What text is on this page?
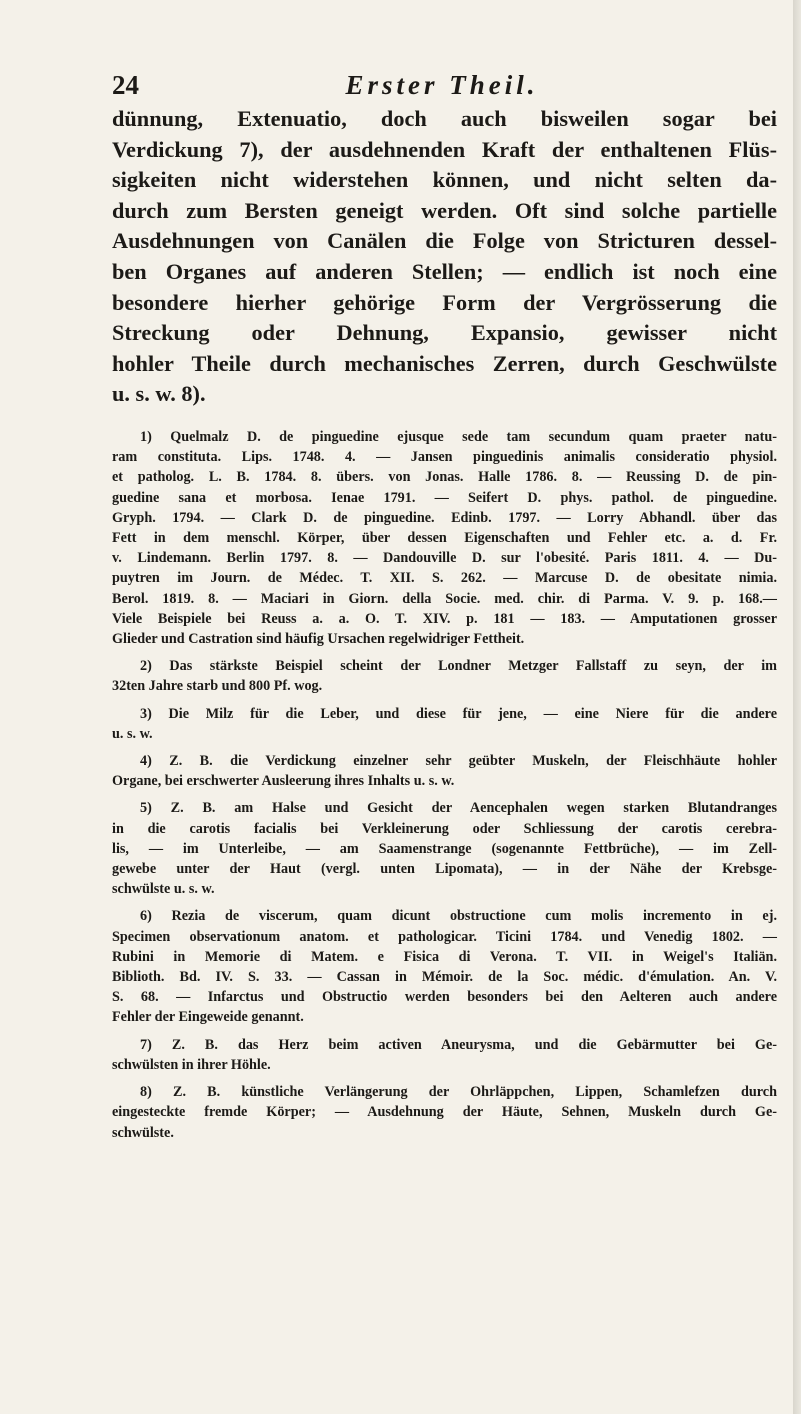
24	Erster Theil.
dünnung, Extenuatio, doch auch bisweilen sogar bei
Verdickung 7), der ausdehnenden Kraft der enthaltenen Flüs-
sigkeiten nicht widerstehen können, und nicht selten da-
durch zum Bersten geneigt werden. Oft sind solche partielle
Ausdehnungen von Canälen die Folge von Stricturen dessel-
ben Organes auf anderen Stellen; — endlich ist noch eine
besondere hierher gehörige Form der Vergrösserung die
Streckung oder Dehnung, Expansio, gewisser nicht
hohler Theile durch mechanisches Zerren, durch Geschwülste
u. s. w. 8).
1) Quelmalz D. de pinguedine ejusque sede tam secundum quam praeter natu-
ram constituta. Lips. 1748. 4. — Jansen pinguedinis animalis consideratio physiol.
et patholog. L. B. 1784. 8. übers. von Jonas. Halle 1786. 8. — Reussing D. de pin-
guedine sana et morbosa. Ienae 1791. — Seifert D. phys. pathol. de pinguedine.
Gryph. 1794. — Clark D. de pinguedine. Edinb. 1797. — Lorry Abhandl. über das
Fett in dem menschl. Körper, über dessen Eigenschaften und Fehler etc. a. d. Fr.
v. Lindemann. Berlin 1797. 8. — Dandouville D. sur l'obesité. Paris 1811. 4. — Du-
puytren im Journ. de Médec. T. XII. S. 262. — Marcuse D. de obesitate nimia.
Berol. 1819. 8. — Maciari in Giorn. della Socie. med. chir. di Parma. V. 9. p. 168.—
Viele Beispiele bei Reuss a. a. O. T. XIV. p. 181 — 183. — Amputationen grosser
Glieder und Castration sind häufig Ursachen regelwidriger Fettheit.
2) Das stärkste Beispiel scheint der Londner Metzger Fallstaff zu seyn, der im
32ten Jahre starb und 800 Pf. wog.
3) Die Milz für die Leber, und diese für jene, — eine Niere für die andere
u. s. w.
4) Z. B. die Verdickung einzelner sehr geübter Muskeln, der Fleischhäute hohler
Organe, bei erschwerter Ausleerung ihres Inhalts u. s. w.
5) Z. B. am Halse und Gesicht der Aencephalen wegen starken Blutandranges
in die carotis facialis bei Verkleinerung oder Schliessung der carotis cerebra-
lis, — im Unterleibe, — am Saamenstrange (sogenannte Fettbrüche), — im Zell-
gewebe unter der Haut (vergl. unten Lipomata), — in der Nähe der Krebsge-
schwülste u. s. w.
6) Rezia de viscerum, quam dicunt obstructione cum molis incremento in ej.
Specimen observationum anatom. et pathologicar. Ticini 1784. und Venedig 1802. —
Rubini in Memorie di Matem. e Fisica di Verona. T. VII. in Weigel's Italiän.
Biblioth. Bd. IV. S. 33. — Cassan in Mémoir. de la Soc. médic. d'émulation. An. V.
S. 68. — Infarctus und Obstructio werden besonders bei den Aelteren auch andere
Fehler der Eingeweide genannt.
7) Z. B. das Herz beim activen Aneurysma, und die Gebärmutter bei Ge-
schwülsten in ihrer Höhle.
8) Z. B. künstliche Verlängerung der Ohrläppchen, Lippen, Schamlefzen durch
eingesteckte fremde Körper; — Ausdehnung der Häute, Sehnen, Muskeln durch Ge-
schwülste.
